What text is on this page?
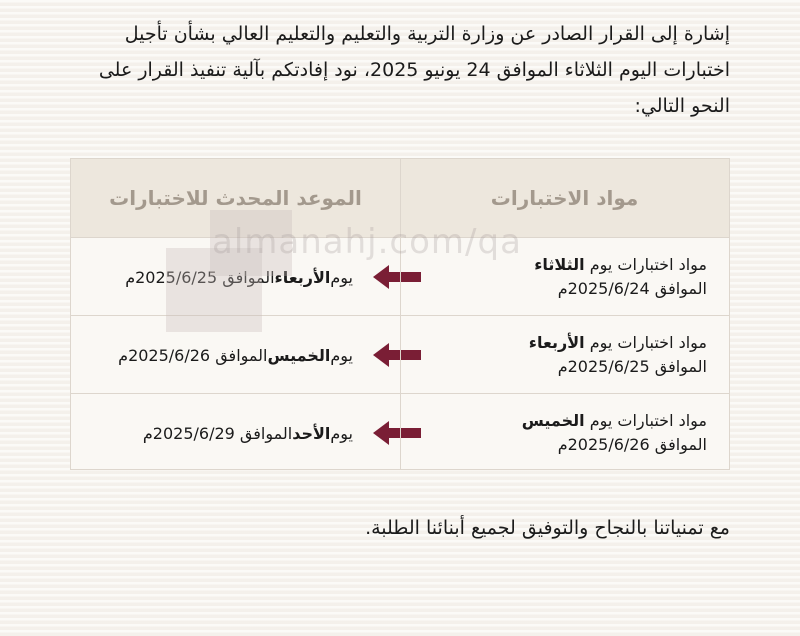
إشارة إلى القرار الصادر عن وزارة التربية والتعليم والتعليم العالي بشأن تأجيل
اختبارات اليوم الثلاثاء الموافق 24 يونيو 2025، نود إفادتكم بآلية تنفيذ القرار على
النحو التالي:

مواد الاختبارات
الموعد المحدث للاختبارات
مواد اختبارات يوم الثلاثاء
الموافق 2025/6/24م
يوم
الأربعاء
الموافق 2025/6/25م
مواد اختبارات يوم الأربعاء
الموافق 2025/6/25م
يوم
الخميس
الموافق 2025/6/26م
مواد اختبارات يوم الخميس
الموافق 2025/6/26م
يوم
الأحد
الموافق 2025/6/29م
almanahj.com/qa

مع تمنياتنا بالنجاح والتوفيق لجميع أبنائنا الطلبة.
